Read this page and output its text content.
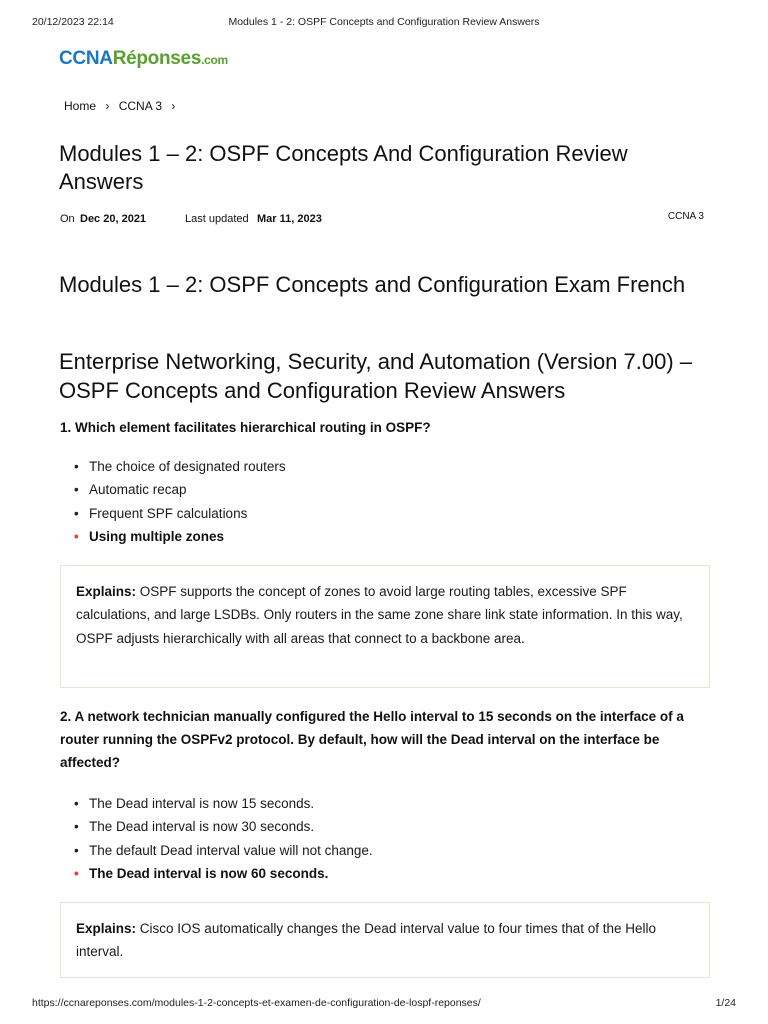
20/12/2023 22:14	Modules 1 - 2: OSPF Concepts and Configuration Review Answers
CCNARéponses.com
Home › CCNA 3 ›
Modules 1 – 2: OSPF Concepts And Configuration Review Answers
On Dec 20, 2021	Last updated Mar 11, 2023	CCNA 3
Modules 1 – 2: OSPF Concepts and Configuration Exam French
Enterprise Networking, Security, and Automation (Version 7.00) – OSPF Concepts and Configuration Review Answers

1. Which element facilitates hierarchical routing in OSPF?

• The choice of designated routers
• Automatic recap
• Frequent SPF calculations
• Using multiple zones
Explains: OSPF supports the concept of zones to avoid large routing tables, excessive SPF calculations, and large LSDBs. Only routers in the same zone share link state information. In this way, OSPF adjusts hierarchically with all areas that connect to a backbone area.

2. A network technician manually configured the Hello interval to 15 seconds on the interface of a router running the OSPFv2 protocol. By default, how will the Dead interval on the interface be affected?

• The Dead interval is now 15 seconds.
• The Dead interval is now 30 seconds.
• The default Dead interval value will not change.
• The Dead interval is now 60 seconds.
Explains: Cisco IOS automatically changes the Dead interval value to four times that of the Hello interval.
https://ccnareponses.com/modules-1-2-concepts-et-examen-de-configuration-de-lospf-reponses/	1/24
